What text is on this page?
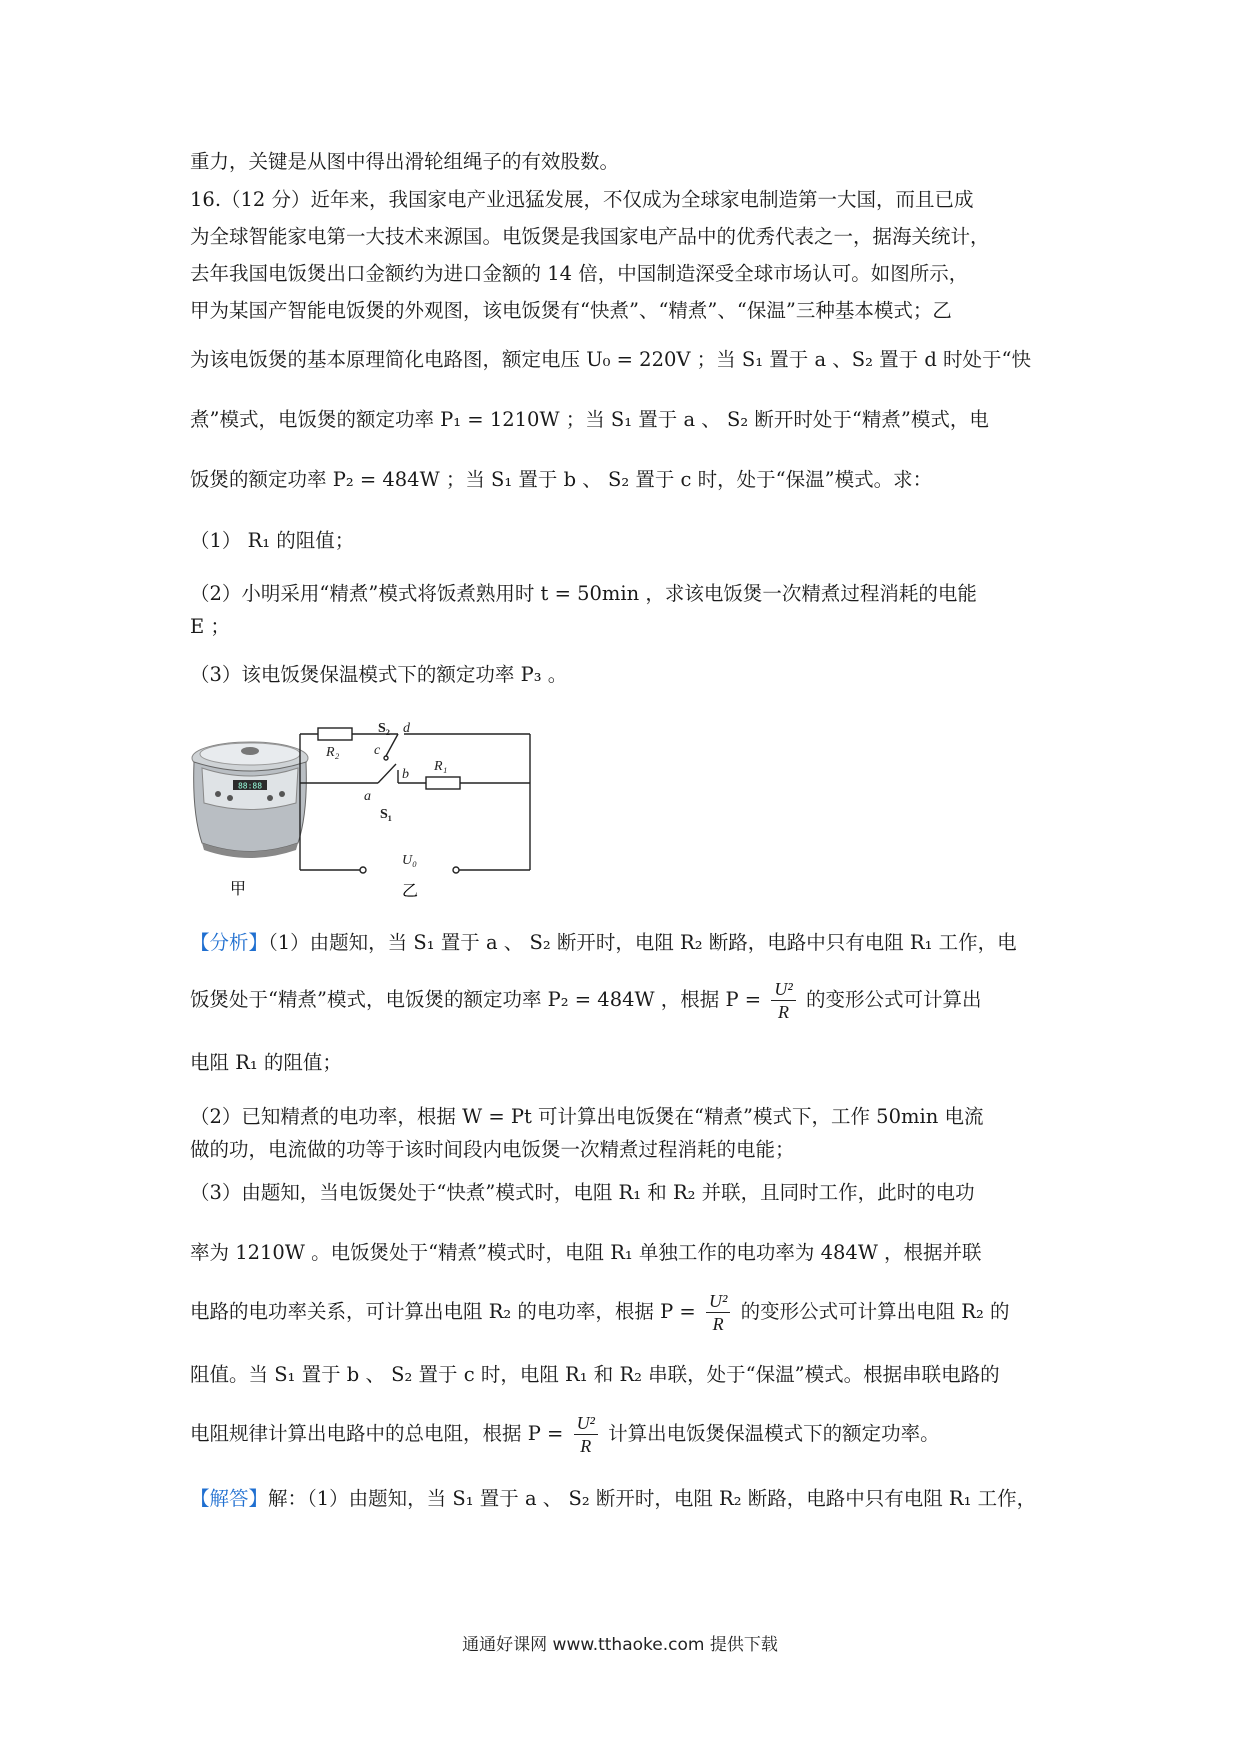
重力，关键是从图中得出滑轮组绳子的有效股数。
16.（12 分）近年来，我国家电产业迅猛发展，不仅成为全球家电制造第一大国，而且已成
为全球智能家电第一大技术来源国。电饭煲是我国家电产品中的优秀代表之一，据海关统计，
去年我国电饭煲出口金额约为进口金额的 14 倍，中国制造深受全球市场认可。如图所示，
甲为某国产智能电饭煲的外观图，该电饭煲有“快煮”、“精煮”、“保温”三种基本模式；乙
为该电饭煲的基本原理简化电路图，额定电压 U₀ = 220V ；当 S₁ 置于 a 、S₂ 置于 d 时处于“快
煮”模式，电饭煲的额定功率 P₁ = 1210W ；当 S₁ 置于 a 、 S₂ 断开时处于“精煮”模式，电
饭煲的额定功率 P₂ = 484W ；当 S₁ 置于 b 、 S₂ 置于 c 时，处于“保温”模式。求：
（1） R₁ 的阻值；
（2）小明采用“精煮”模式将饭煮熟用时 t = 50min ，求该电饭煲一次精煮过程消耗的电能
E ；
（3）该电饭煲保温模式下的额定功率 P₃ 。
88:88
甲
R₂
R₁
S₂ d
c
b
a
S₁
U₀
乙
【分析】（1）由题知，当 S₁ 置于 a 、 S₂ 断开时，电阻 R₂ 断路，电路中只有电阻 R₁ 工作，电
饭煲处于“精煮”模式，电饭煲的额定功率 P₂ = 484W ，根据 $P = \frac{\text{U²}}{R}$ 的变形公式可计算出
电阻 R₁ 的阻值；
（2）已知精煮的电功率，根据 W = Pt 可计算出电饭煲在“精煮”模式下，工作 50min 电流
做的功，电流做的功等于该时间段内电饭煲一次精煮过程消耗的电能；
（3）由题知，当电饭煲处于“快煮”模式时，电阻 R₁ 和 R₂ 并联，且同时工作，此时的电功
率为 1210W 。电饭煲处于“精煮”模式时，电阻 R₁ 单独工作的电功率为 484W ，根据并联
电路的电功率关系，可计算出电阻 R₂ 的电功率，根据 $P = \frac{\text{U²}}{R}$ 的变形公式可计算出电阻 R₂ 的
阻值。当 S₁ 置于 b 、 S₂ 置于 c 时，电阻 R₁ 和 R₂ 串联，处于“保温”模式。根据串联电路的
电阻规律计算出电路中的总电阻，根据 $P = \frac{\text{U²}}{R}$ 计算出电饭煲保温模式下的额定功率。
【解答】解：（1）由题知，当 S₁ 置于 a 、 S₂ 断开时，电阻 R₂ 断路，电路中只有电阻 R₁ 工作，
通通好课网 www.tthaoke.com 提供下载
